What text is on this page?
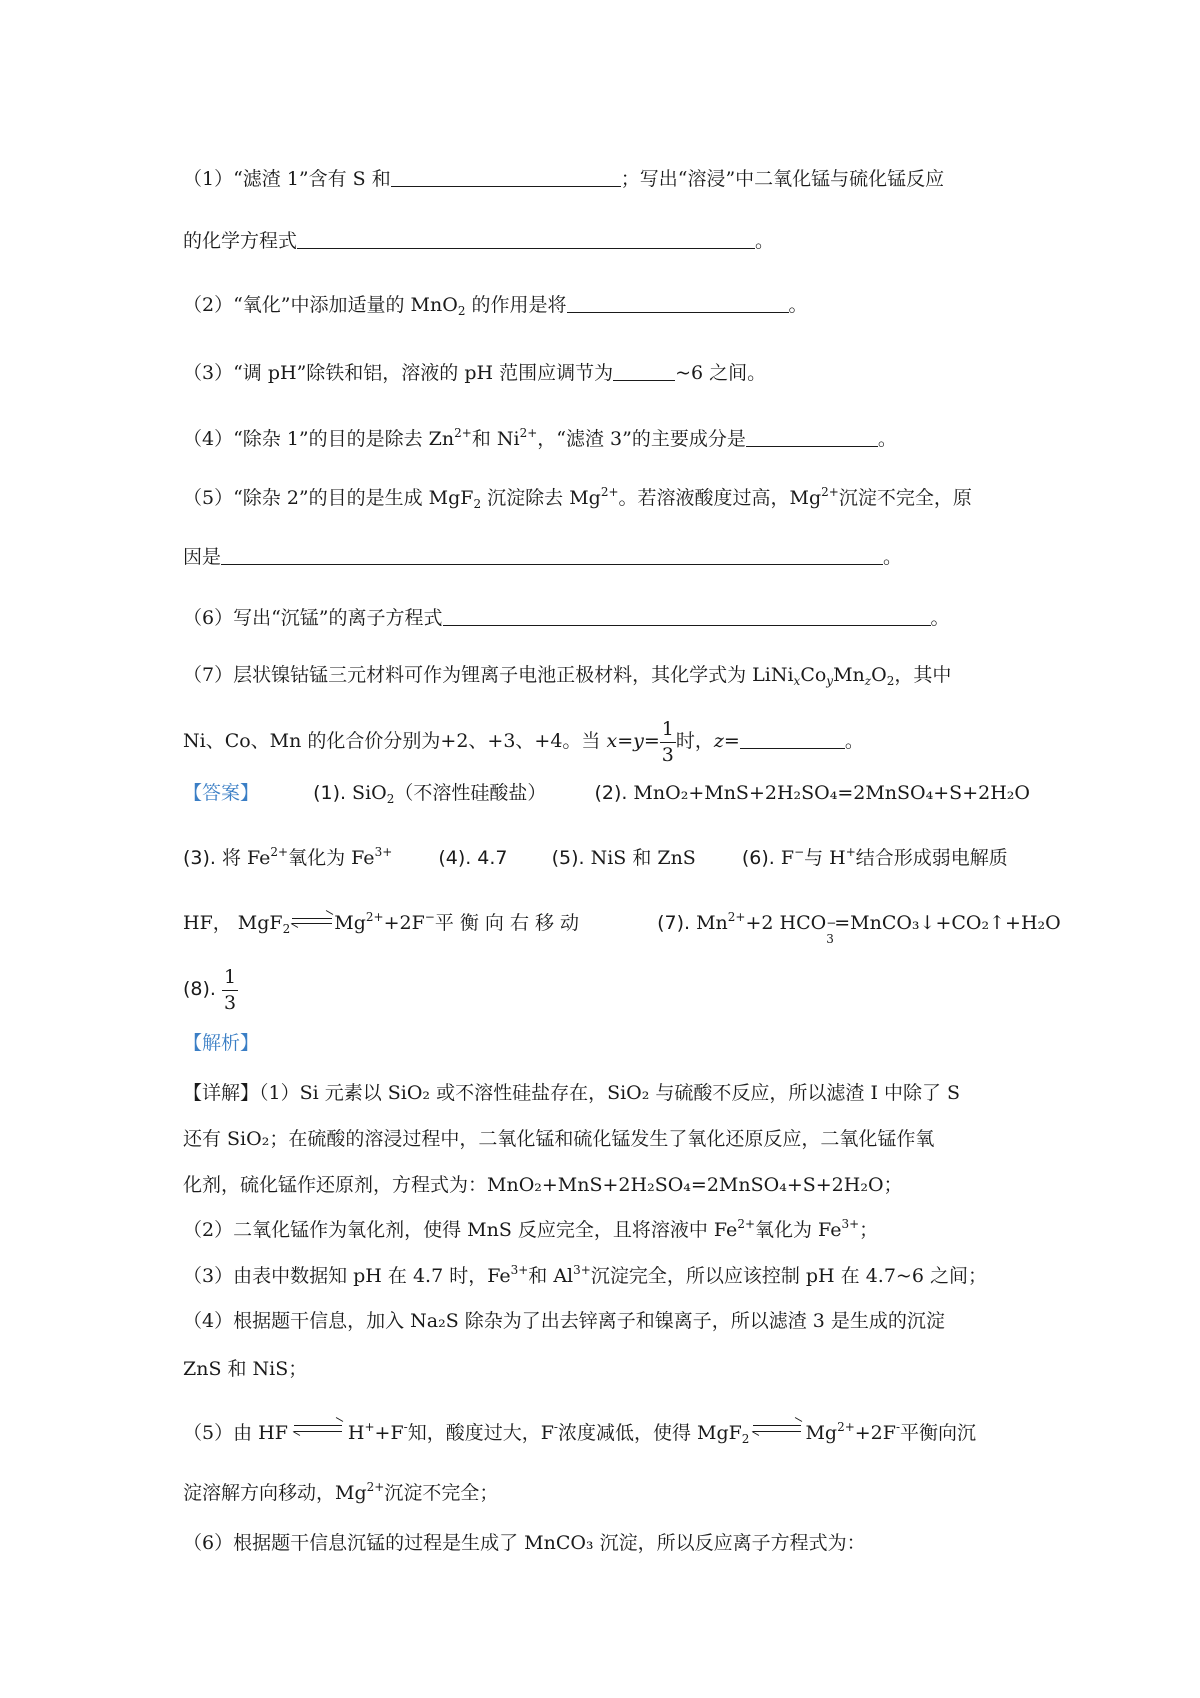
（1）“滤渣 1”含有 S 和	；写出“溶浸”中二氧化锰与硫化锰反应
的化学方程式	。
（2）“氧化”中添加适量的 MnO$_2$ 的作用是将	。
（3）“调 pH”除铁和铝，溶液的 pH 范围应调节为	~6 之间。
（4）“除杂 1”的目的是除去 $Zn^{2+}$和 $Ni^{2+}$，“滤渣 3”的主要成分是	。
（5）“除杂 2”的目的是生成 MgF$_2$ 沉淀除去 $Mg^{2+}$。若溶液酸度过高，$Mg^{2+}$沉淀不完全，原
因是	。
（6）写出“沉锰”的离子方程式	。
（7）层状镍钴锰三元材料可作为锂离子电池正极材料，其化学式为 $LiNi_xCo_yMn_zO_2$，其中
Ni、Co、Mn 的化合价分别为+2、+3、+4。当 $x=y= \frac{1}{3}$ 时，z=	。
【答案】	(1). SiO$_2$（不溶性硅酸盐）	(2). MnO₂+MnS+2H₂SO₄=2MnSO₄+S+2H₂O
(3). 将 $Fe^{2+}$氧化为 $Fe^{3+}$ (4). 4.7 (5). NiS 和 ZnS (6). F−与 H+结合形成弱电解质
HF， MgF$_2$ $Mg^{2+}+2F^-$平 衡 向 右 移 动	(7). $Mn^{2+}+2$ HCO −
3
=MnCO₃↓+CO₂↑+H₂O
(8). $\frac{1}{3}$
【解析】
【详解】（1）Si 元素以 SiO₂ 或不溶性硅盐存在，SiO₂ 与硫酸不反应，所以滤渣 I 中除了 S
还有 SiO₂；在硫酸的溶浸过程中，二氧化锰和硫化锰发生了氧化还原反应，二氧化锰作氧
化剂，硫化锰作还原剂，方程式为：MnO₂+MnS+2H₂SO₄=2MnSO₄+S+2H₂O；
（2）二氧化锰作为氧化剂，使得 MnS 反应完全，且将溶液中 $Fe^{2+}$氧化为 $Fe^{3+}$；
（3）由表中数据知 pH 在 4.7 时，$Fe^{3+}$和 $Al^{3+}$沉淀完全，所以应该控制 pH 在 4.7~6 之间；
（4）根据题干信息，加入 Na₂S 除杂为了出去锌离子和镍离子，所以滤渣 3 是生成的沉淀
ZnS 和 NiS；
（5）由 HF	H++F-知，酸度过大，F-浓度减低，使得 MgF$_2$	$Mg^{2+}+2F^-$平衡向沉
淀溶解方向移动，$Mg^{2+}$沉淀不完全；
（6）根据题干信息沉锰的过程是生成了 MnCO₃ 沉淀，所以反应离子方程式为：
